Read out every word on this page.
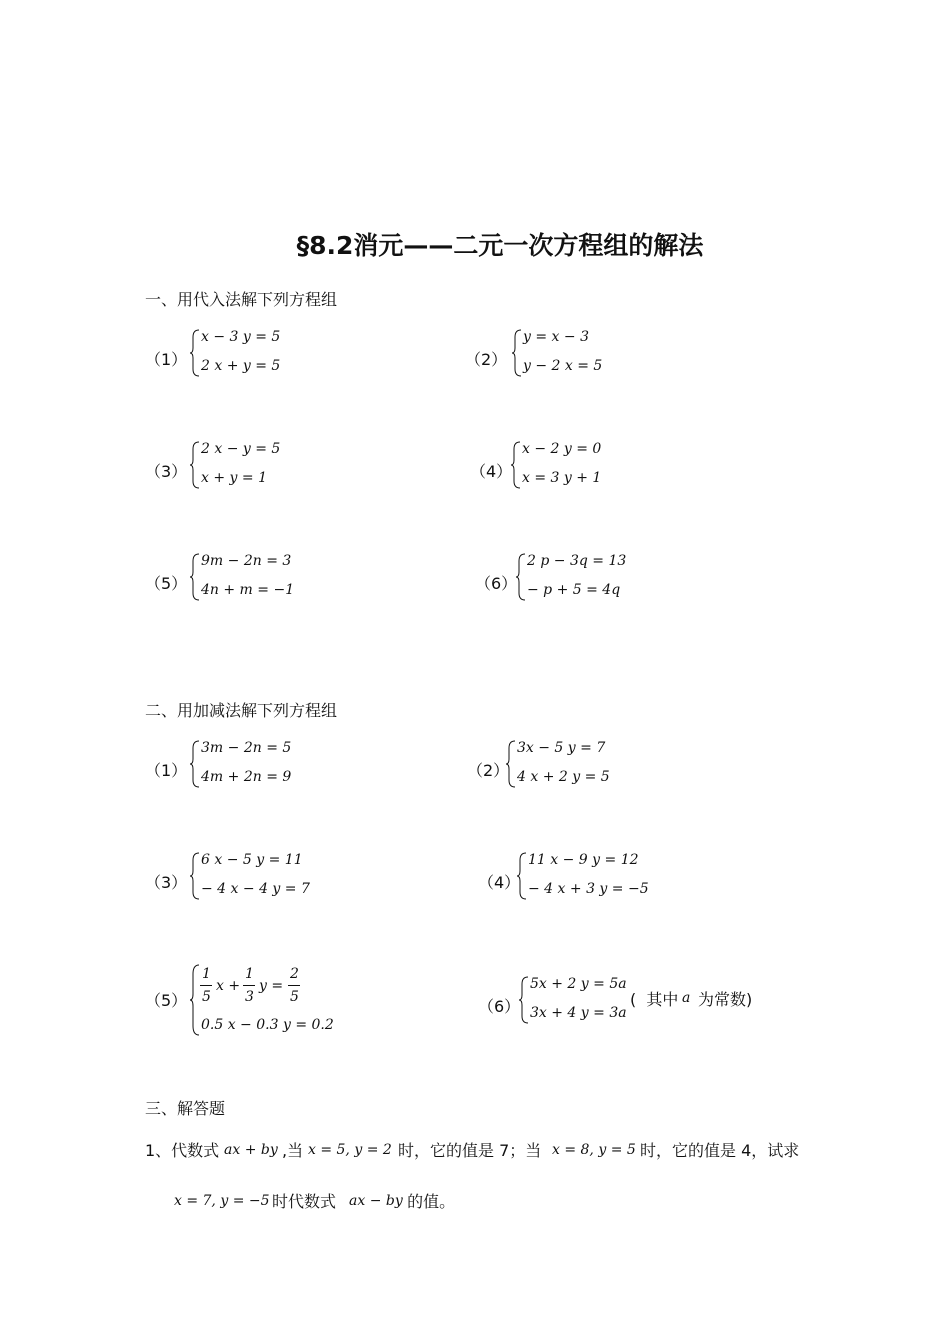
§8.2消元——二元一次方程组的解法
一、用代入法解下列方程组
（1）
x − 3 y = 5
2 x + y = 5	（2）
y = x − 3
y − 2 x = 5
（3）
2 x − y = 5
x + y = 1	（4）
x − 2 y = 0
x = 3 y + 1
（5）
9m − 2n = 3
4n + m = −1	（6）
2 p − 3q = 13
− p + 5 = 4q
二、用加减法解下列方程组
（1）
3m − 2n = 5
4m + 2n = 9	（2）
3x − 5 y = 7
4 x + 2 y = 5
（3）
6 x − 5 y = 11
− 4 x − 4 y = 7	（4）
11 x − 9 y = 12
− 4 x + 3 y = −5
（5）
1
5
x +
1
3
y =
2
5
0.5 x − 0.3 y = 0.2
（6）
5x + 2 y = 5a
3x + 4 y = 3a
(  其中 a 为常数)
三、解答题
1、代数式 ax + by ,当 x = 5, y = 2 时，它的值是 7；当 x = 8, y = 5 时，它的值是 4，试求
x = 7, y = −5 时代数式 ax − by 的值。
